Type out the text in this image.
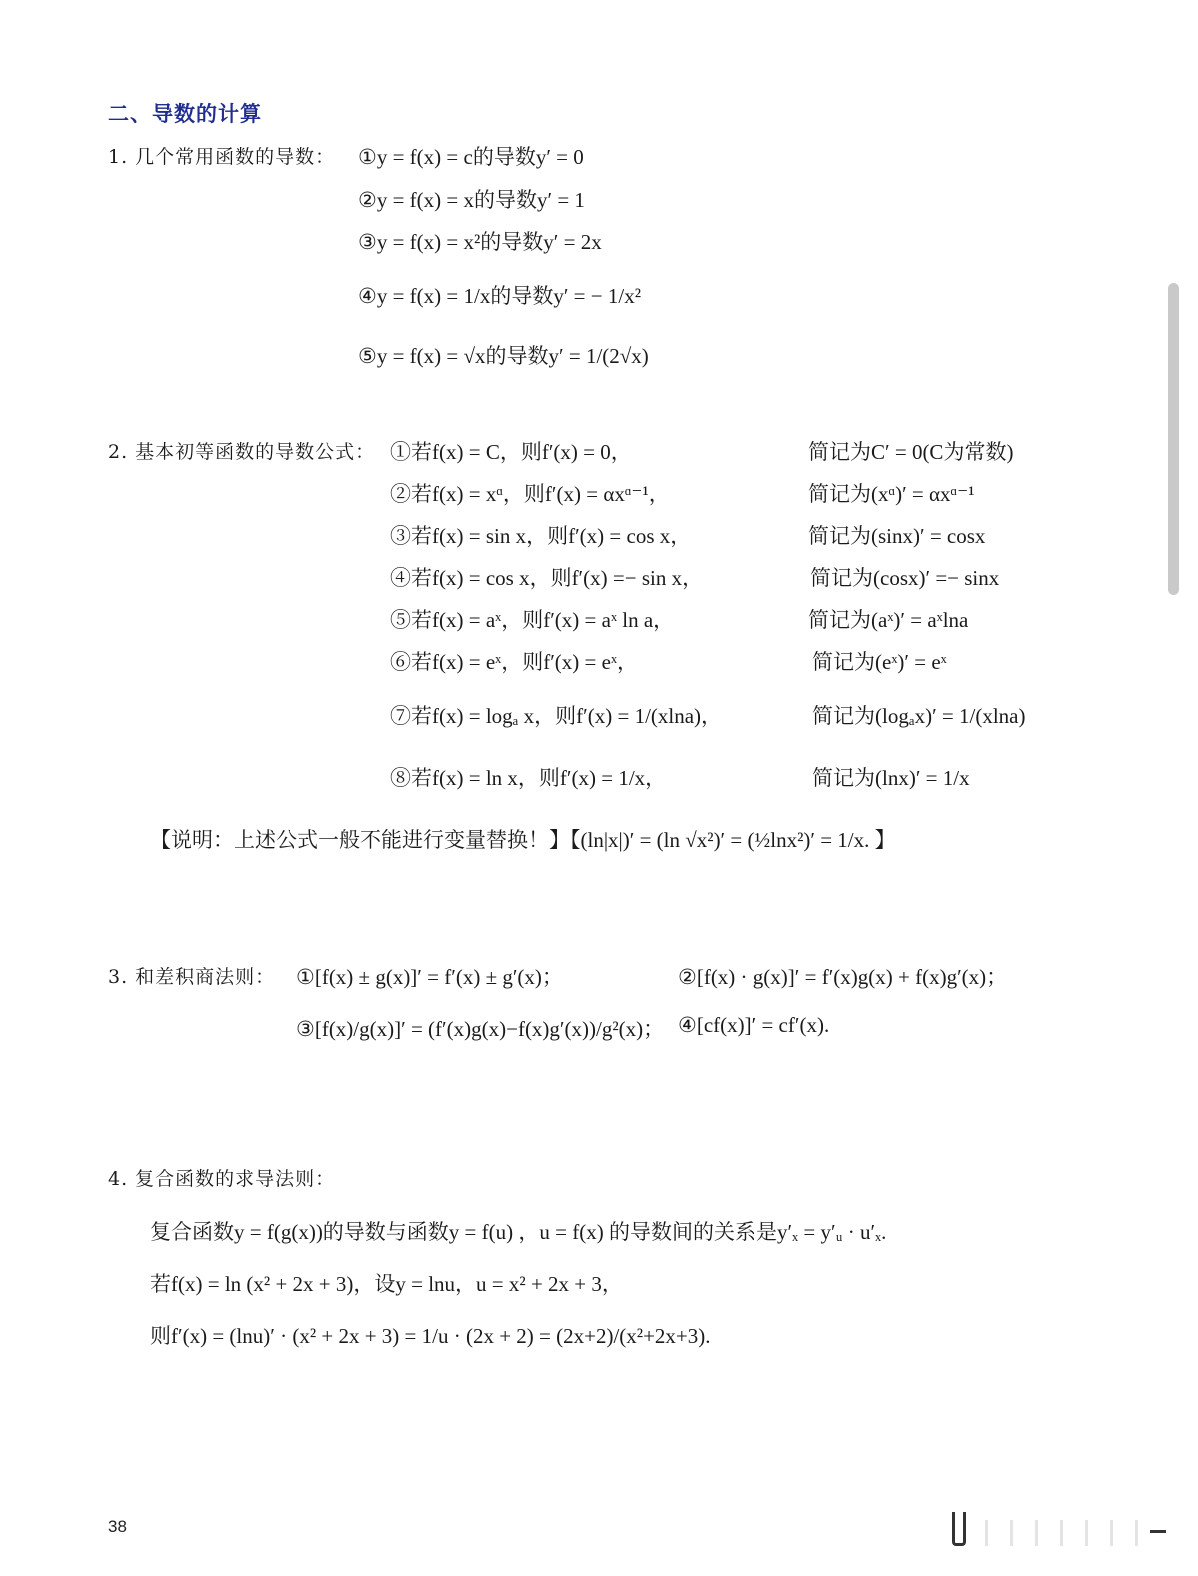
二、导数的计算
1. 几个常用函数的导数： ①y = f(x) = c的导数y′ = 0
②y = f(x) = x的导数y′ = 1
③y = f(x) = x²的导数y′ = 2x
④y = f(x) = 1/x的导数y′ = − 1/x²
⑤y = f(x) = √x的导数y′ = 1/(2√x)
2. 基本初等函数的导数公式： ①若f(x) = C，则f′(x) = 0，	简记为C′ = 0(C为常数)
②若f(x) = xᵅ，则f′(x) = αxᵅ⁻¹，	简记为(xᵅ)′ = αxᵅ⁻¹
③若f(x) = sin x，则f′(x) = cos x，	简记为(sinx)′ = cosx
④若f(x) = cos x，则f′(x) =− sin x，	简记为(cosx)′ =− sinx
⑤若f(x) = aˣ，则f′(x) = aˣ ln a，	简记为(aˣ)′ = aˣlna
⑥若f(x) = eˣ，则f′(x) = eˣ，	简记为(eˣ)′ = eˣ
⑦若f(x) = logₐ x，则f′(x) = 1/(xlna)，	简记为(logₐx)′ = 1/(xlna)
⑧若f(x) = ln x，则f′(x) = 1/x，	简记为(lnx)′ = 1/x
【说明：上述公式一般不能进行变量替换！】【(ln|x|)′ = (ln √x²)′ = (½lnx²)′ = 1/x. 】
3. 和差积商法则： ①[f(x) ± g(x)]′ = f′(x) ± g′(x)；	②[f(x) · g(x)]′ = f′(x)g(x) + f(x)g′(x)；
③[f(x)/g(x)]′ = (f′(x)g(x)−f(x)g′(x))/g²(x)； ④[cf(x)]′ = cf′(x).
4. 复合函数的求导法则：
复合函数y = f(g(x))的导数与函数y = f(u) ，u = f(x) 的导数间的关系是y′ₓ = y′ᵤ · u′ₓ.
若f(x) = ln (x² + 2x + 3)，设y = lnu，u = x² + 2x + 3，
则f′(x) = (lnu)′ · (x² + 2x + 3) = 1/u · (2x + 2) = (2x+2)/(x²+2x+3).
38
